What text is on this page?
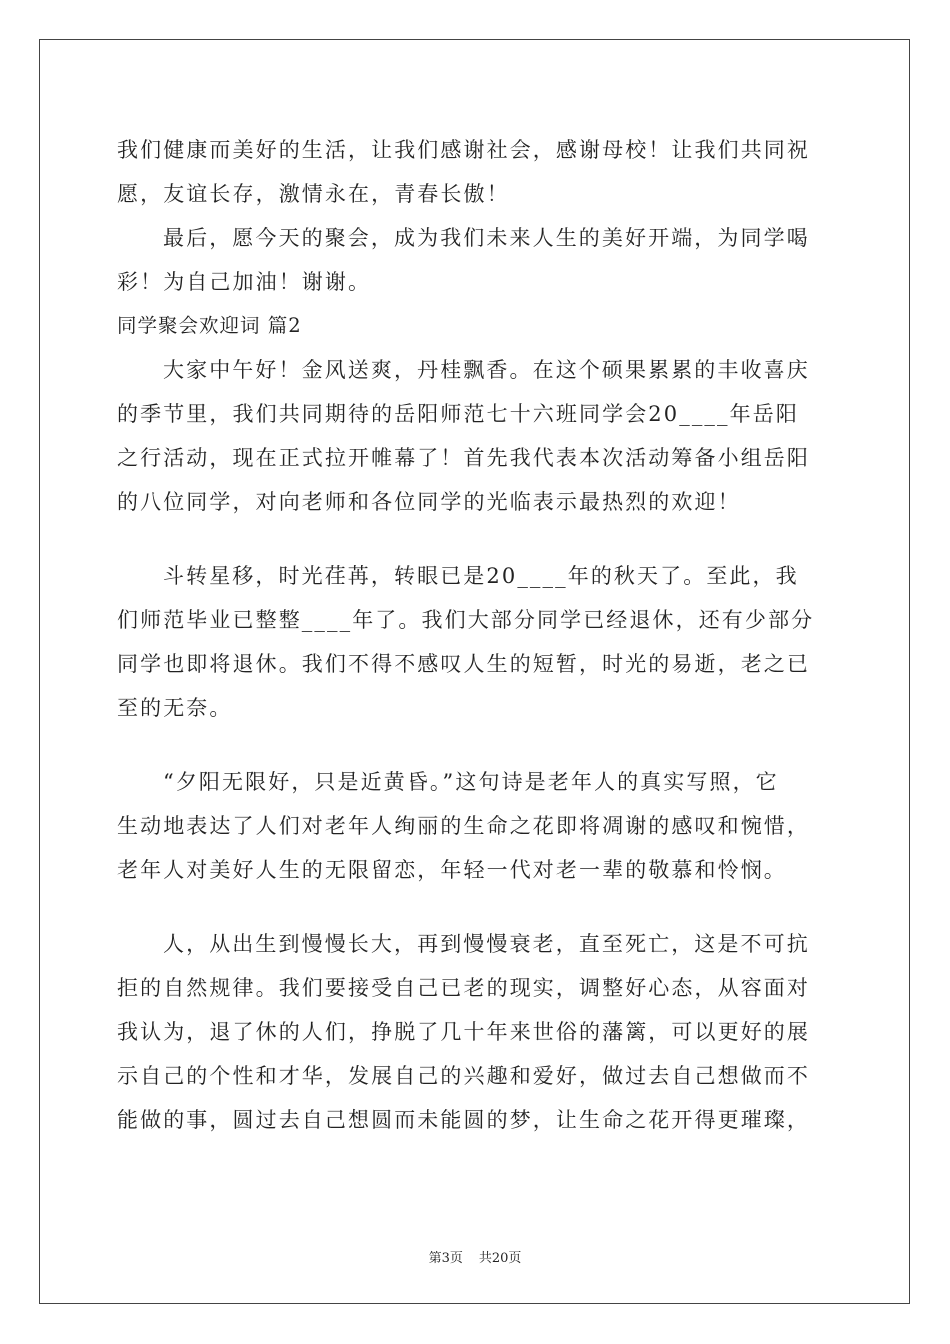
我们健康而美好的生活，让我们感谢社会，感谢母校！让我们共同祝
愿，友谊长存，激情永在，青春长傲！
最后，愿今天的聚会，成为我们未来人生的美好开端，为同学喝
彩！为自己加油！谢谢。
同学聚会欢迎词 篇2
大家中午好！金风送爽，丹桂飘香。在这个硕果累累的丰收喜庆
的季节里，我们共同期待的岳阳师范七十六班同学会20____年岳阳
之行活动，现在正式拉开帷幕了！首先我代表本次活动筹备小组岳阳
的八位同学，对向老师和各位同学的光临表示最热烈的欢迎！
斗转星移，时光荏苒，转眼已是20____年的秋天了。至此，我
们师范毕业已整整____年了。我们大部分同学已经退休，还有少部分
同学也即将退休。我们不得不感叹人生的短暂，时光的易逝，老之已
至的无奈。
“夕阳无限好，只是近黄昏。”这句诗是老年人的真实写照，它
生动地表达了人们对老年人绚丽的生命之花即将凋谢的感叹和惋惜，
老年人对美好人生的无限留恋，年轻一代对老一辈的敬慕和怜悯。
人，从出生到慢慢长大，再到慢慢衰老，直至死亡，这是不可抗
拒的自然规律。我们要接受自己已老的现实，调整好心态，从容面对
我认为，退了休的人们，挣脱了几十年来世俗的藩篱，可以更好的展
示自己的个性和才华，发展自己的兴趣和爱好，做过去自己想做而不
能做的事，圆过去自己想圆而未能圆的梦，让生命之花开得更璀璨，
第3页 共20页
